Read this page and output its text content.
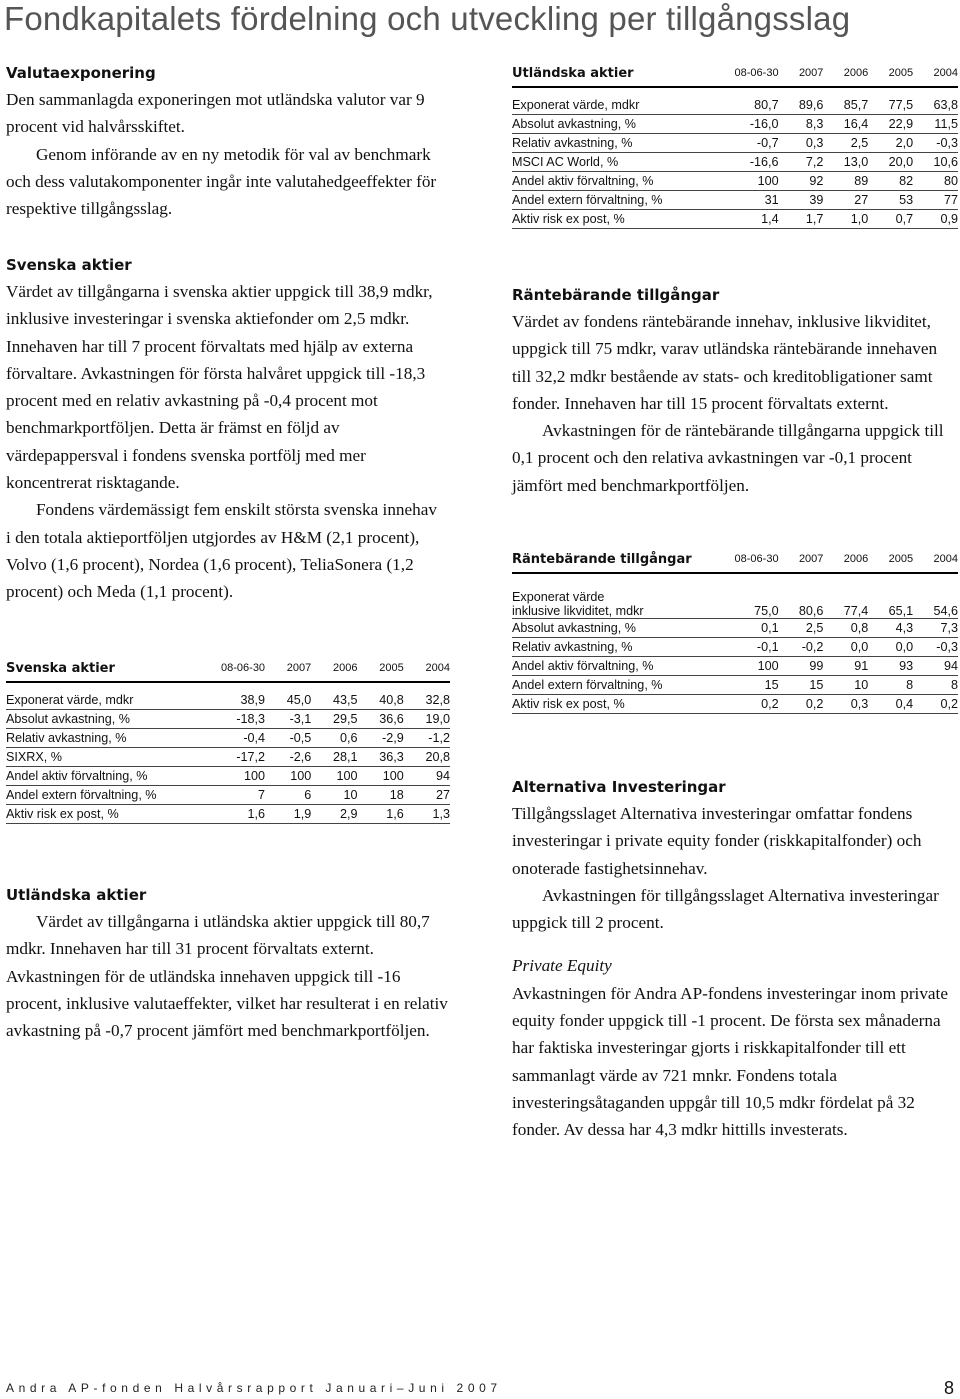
Fondkapitalets fördelning och utveckling per tillgångsslag
Valutaexponering

Den sammanlagda exponeringen mot utländska valutor var 9 procent vid halvårsskiftet.

Genom införande av en ny metodik för val av benchmark och dess valutakomponenter ingår inte valutahedgeeffekter för respektive tillgångsslag.

Utländska aktier	08-06-30	2007	2006	2005	2004
Exponerat värde, mdkr	80,7	89,6	85,7	77,5	63,8
Absolut avkastning, %	-16,0	8,3	16,4	22,9	11,5
Relativ avkastning, %	-0,7	0,3	2,5	2,0	-0,3
MSCI AC World, %	-16,6	7,2	13,0	20,0	10,6
Andel aktiv förvaltning, %	100	92	89	82	80
Andel extern förvaltning, %	31	39	27	53	77
Aktiv risk ex post, %	1,4	1,7	1,0	0,7	0,9
Svenska aktier

Värdet av tillgångarna i svenska aktier uppgick till 38,9 mdkr, inklusive investeringar i svenska aktiefonder om 2,5 mdkr. Innehaven har till 7 procent förvaltats med hjälp av externa förvaltare. Avkastningen för första halvåret uppgick till -18,3 procent med en relativ avkastning på -0,4 procent mot benchmarkportföljen. Detta är främst en följd av värdepappersval i fondens svenska portfölj med mer koncentrerat risktagande.

Fondens värdemässigt fem enskilt största svenska innehav i den totala aktieportföljen utgjordes av H&M (2,1 procent), Volvo (1,6 procent), Nordea (1,6 procent), TeliaSonera (1,2 procent) och Meda (1,1 procent).

Räntebärande tillgångar

Värdet av fondens räntebärande innehav, inklusive likviditet, uppgick till 75 mdkr, varav utländska räntebärande innehaven till 32,2 mdkr bestående av stats- och kreditobligationer samt fonder. Innehaven har till 15 procent förvaltats externt.

Avkastningen för de räntebärande tillgångarna uppgick till 0,1 procent och den relativa avkastningen var -0,1 procent jämfört med benchmarkportföljen.

Räntebärande tillgångar	08-06-30	2007	2006	2005	2004

Exponerat värde
inklusive likviditet, mdkr	75,0	80,6	77,4	65,1	54,6
Absolut avkastning, %	0,1	2,5	0,8	4,3	7,3
Relativ avkastning, %	-0,1	-0,2	0,0	0,0	-0,3
Andel aktiv förvaltning, %	100	99	91	93	94
Andel extern förvaltning, %	15	15	10	8	8
Aktiv risk ex post, %	0,2	0,2	0,3	0,4	0,2
Svenska aktier	08-06-30	2007	2006	2005	2004
Exponerat värde, mdkr	38,9	45,0	43,5	40,8	32,8
Absolut avkastning, %	-18,3	-3,1	29,5	36,6	19,0
Relativ avkastning, %	-0,4	-0,5	0,6	-2,9	-1,2
SIXRX, %	-17,2	-2,6	28,1	36,3	20,8
Andel aktiv förvaltning, %	100	100	100	100	94
Andel extern förvaltning, %	7	6	10	18	27
Aktiv risk ex post, %	1,6	1,9	2,9	1,6	1,3
Alternativa Investeringar

Tillgångsslaget Alternativa investeringar omfattar fondens investeringar i private equity fonder (riskkapitalfonder) och onoterade fastighetsinnehav.

Avkastningen för tillgångsslaget Alternativa investeringar uppgick till 2 procent.

Private Equity

Avkastningen för Andra AP-fondens investeringar inom private equity fonder uppgick till -1 procent. De första sex månaderna har faktiska investeringar gjorts i riskkapitalfonder till ett sammanlagt värde av 721 mnkr. Fondens totala investeringsåtaganden uppgår till 10,5 mdkr fördelat på 32 fonder. Av dessa har 4,3 mdkr hittills investerats.

Utländska aktier

Värdet av tillgångarna i utländska aktier uppgick till 80,7 mdkr. Innehaven har till 31 procent förvaltats externt. Avkastningen för de utländska innehaven uppgick till -16 procent, inklusive valutaeffekter, vilket har resulterat i en relativ avkastning på -0,7 procent jämfört med benchmarkportföljen.

Andra AP-fonden Halvårsrapport Januari–Juni 2007	8
